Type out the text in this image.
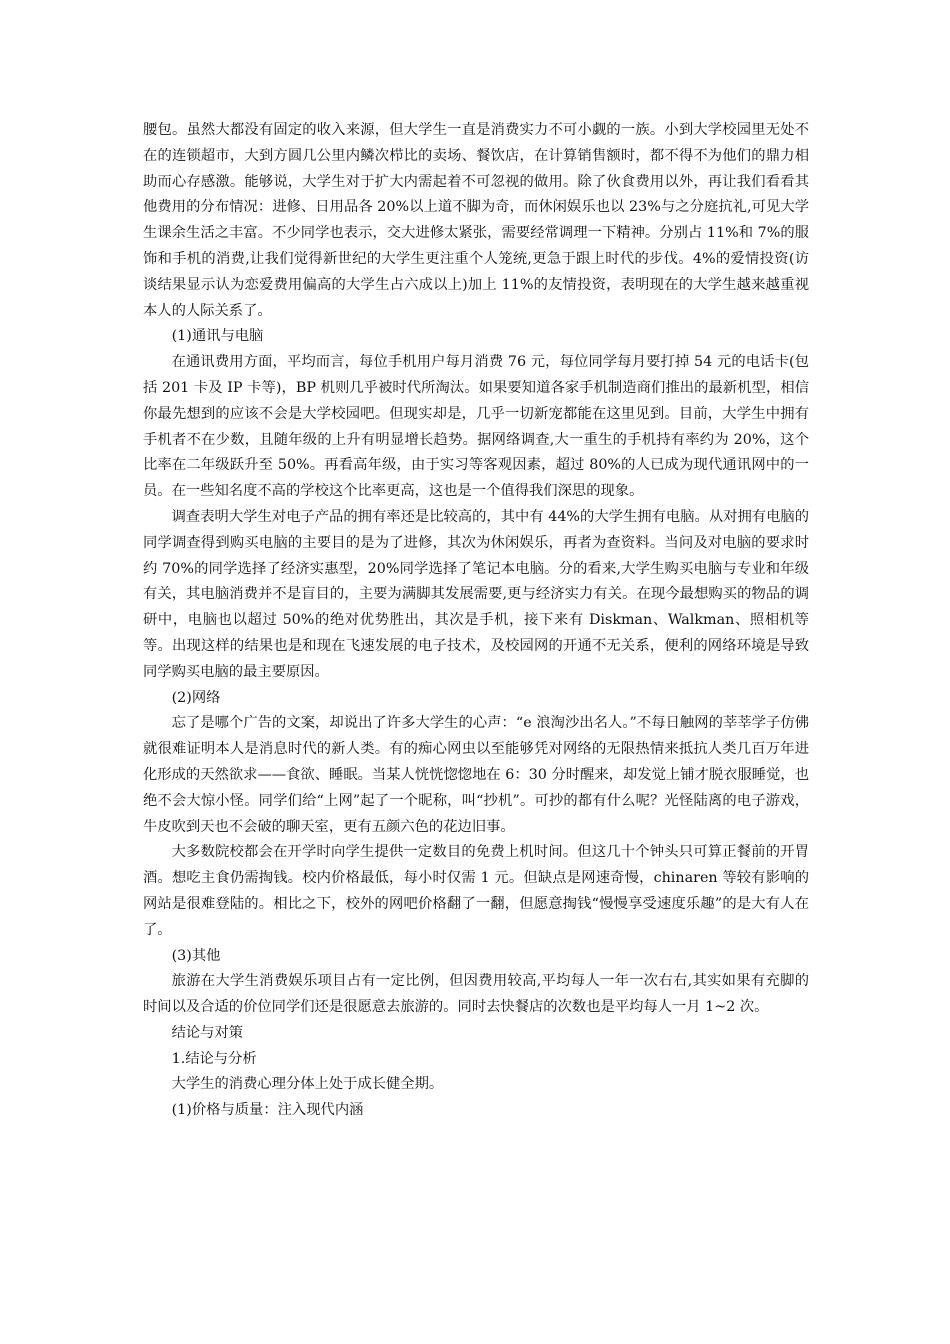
腰包。虽然大都没有固定的收入来源，但大学生一直是消费实力不可小觑的一族。小到大学校园里无处不在的连锁超市，大到方圆几公里内鳞次栉比的卖场、餐饮店，在计算销售额时，都不得不为他们的鼎力相助而心存感激。能够说，大学生对于扩大内需起着不可忽视的做用。除了伙食费用以外，再让我们看看其他费用的分布情况：进修、日用品各 20%以上道不脚为奇，而休闲娱乐也以 23%与之分庭抗礼,可见大学生课余生活之丰富。不少同学也表示，交大进修太紧张，需要经常调理一下精神。分别占 11%和 7%的服饰和手机的消费,让我们觉得新世纪的大学生更注重个人笼统,更急于跟上时代的步伐。4%的爱情投资(访谈结果显示认为恋爱费用偏高的大学生占六成以上)加上 11%的友情投资，表明现在的大学生越来越重视本人的人际关系了。

(1)通讯与电脑

在通讯费用方面，平均而言，每位手机用户每月消费 76 元，每位同学每月要打掉 54 元的电话卡(包括 201 卡及 IP 卡等)，BP 机则几乎被时代所淘汰。如果要知道各家手机制造商们推出的最新机型，相信你最先想到的应该不会是大学校园吧。但现实却是，几乎一切新宠都能在这里见到。目前，大学生中拥有手机者不在少数，且随年级的上升有明显增长趋势。据网络调查,大一重生的手机持有率约为 20%，这个比率在二年级跃升至 50%。再看高年级，由于实习等客观因素，超过 80%的人已成为现代通讯网中的一员。在一些知名度不高的学校这个比率更高，这也是一个值得我们深思的现象。

调查表明大学生对电子产品的拥有率还是比较高的，其中有 44%的大学生拥有电脑。从对拥有电脑的同学调查得到购买电脑的主要目的是为了进修，其次为休闲娱乐，再者为查资料。当问及对电脑的要求时约 70%的同学选择了经济实惠型，20%同学选择了笔记本电脑。分的看来,大学生购买电脑与专业和年级有关，其电脑消费并不是盲目的，主要为满脚其发展需要,更与经济实力有关。在现今最想购买的物品的调研中，电脑也以超过 50%的绝对优势胜出，其次是手机，接下来有 Diskman、Walkman、照相机等等。出现这样的结果也是和现在飞速发展的电子技术，及校园网的开通不无关系，便利的网络环境是导致同学购买电脑的最主要原因。

(2)网络

忘了是哪个广告的文案，却说出了许多大学生的心声：“e 浪淘沙出名人。”不每日触网的莘莘学子仿佛就很难证明本人是消息时代的新人类。有的痴心网虫以至能够凭对网络的无限热情来抵抗人类几百万年进化形成的天然欲求——食欲、睡眠。当某人恍恍惚惚地在 6：30 分时醒来，却发觉上铺才脱衣服睡觉，也绝不会大惊小怪。同学们给“上网”起了一个昵称，叫“抄机”。可抄的都有什么呢？光怪陆离的电子游戏，牛皮吹到天也不会破的聊天室，更有五颜六色的花边旧事。

大多数院校都会在开学时向学生提供一定数目的免费上机时间。但这几十个钟头只可算正餐前的开胃酒。想吃主食仍需掏钱。校内价格最低，每小时仅需 1 元。但缺点是网速奇慢，chinaren 等较有影响的网站是很难登陆的。相比之下，校外的网吧价格翻了一翻，但愿意掏钱“慢慢享受速度乐趣”的是大有人在了。

(3)其他

旅游在大学生消费娱乐项目占有一定比例，但因费用较高,平均每人一年一次右右,其实如果有充脚的时间以及合适的价位同学们还是很愿意去旅游的。同时去快餐店的次数也是平均每人一月 1~2 次。

结论与对策

1.结论与分析

大学生的消费心理分体上处于成长健全期。

(1)价格与质量：注入现代内涵
